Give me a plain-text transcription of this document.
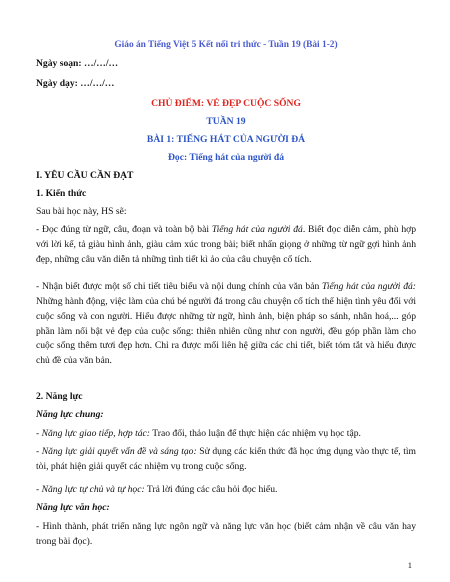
Giáo án Tiếng Việt 5 Kết nối tri thức - Tuần 19 (Bài 1-2)
Ngày soạn: …/…/…
Ngày dạy: …/…/…
CHỦ ĐIỂM: VẺ ĐẸP CUỘC SỐNG
TUẦN 19
BÀI 1: TIẾNG HÁT CỦA NGƯỜI ĐÁ
Đọc: Tiếng hát của người đá
I. YÊU CẦU CẦN ĐẠT
1. Kiến thức
Sau bài học này, HS sẽ:
- Đọc đúng từ ngữ, câu, đoạn và toàn bộ bài Tiếng hát của người đá. Biết đọc diễn cảm, phù hợp với lời kể, tả giàu hình ảnh, giàu cảm xúc trong bài; biết nhấn giọng ở những từ ngữ gợi hình ảnh đẹp, những câu văn diễn tả những tình tiết kì ảo của câu chuyện cổ tích.
- Nhận biết được một số chi tiết tiêu biểu và nội dung chính của văn bản Tiếng hát của người đá: Những hành động, việc làm của chú bé người đá trong câu chuyện cổ tích thể hiện tình yêu đối với cuộc sống và con người. Hiểu được những từ ngữ, hình ảnh, biện pháp so sánh, nhân hoá,... góp phần làm nổi bật vẻ đẹp của cuộc sống: thiên nhiên cũng như con người, đều góp phần làm cho cuộc sống thêm tươi đẹp hơn. Chỉ ra được mối liên hệ giữa các chi tiết, biết tóm tắt và hiểu được chủ đề của văn bản.
2. Năng lực
Năng lực chung:
- Năng lực giao tiếp, hợp tác: Trao đổi, thảo luận để thực hiện các nhiệm vụ học tập.
- Năng lực giải quyết vấn đề và sáng tạo: Sử dụng các kiến thức đã học ứng dụng vào thực tế, tìm tòi, phát hiện giải quyết các nhiệm vụ trong cuộc sống.
- Năng lực tự chủ và tự học: Trả lời đúng các câu hỏi đọc hiểu.
Năng lực văn học:
- Hình thành, phát triển năng lực ngôn ngữ và năng lực văn học (biết cảm nhận về câu văn hay trong bài đọc).
1
